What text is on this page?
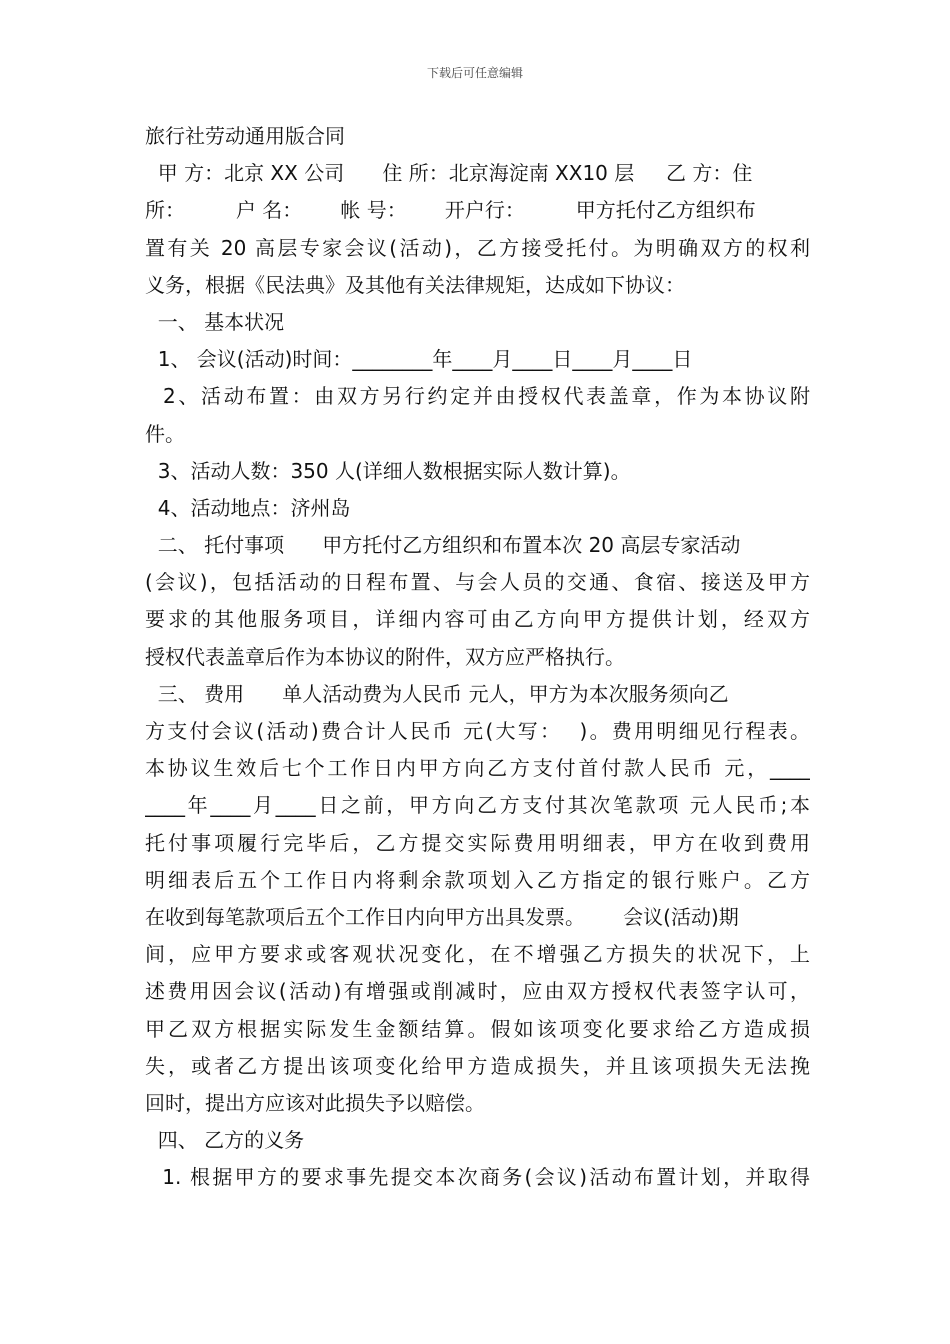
下载后可任意编辑
旅行社劳动通用版合同
甲 方：北京 XX 公司      住 所：北京海淀南 XX10 层     乙 方：住
所：        户 名：      帐 号：      开户行：        甲方托付乙方组织布
置有关 20 高层专家会议(活动)，乙方接受托付。为明确双方的权利
义务，根据《民法典》及其他有关法律规矩，达成如下协议：
一、 基本状况
1、 会议(活动)时间：________年____月____日____月____日
2、活动布置：由双方另行约定并由授权代表盖章，作为本协议附
件。
3、活动人数：350 人(详细人数根据实际人数计算)。
4、活动地点：济州岛
二、 托付事项      甲方托付乙方组织和布置本次 20 高层专家活动
(会议)，包括活动的日程布置、与会人员的交通、食宿、接送及甲方
要求的其他服务项目，详细内容可由乙方向甲方提供计划，经双方
授权代表盖章后作为本协议的附件，双方应严格执行。
三、 费用      单人活动费为人民币 元人，甲方为本次服务须向乙
方支付会议(活动)费合计人民币 元(大写：  )。费用明细见行程表。
本协议生效后七个工作日内甲方向乙方支付首付款人民币 元，____
____年____月____日之前，甲方向乙方支付其次笔款项 元人民币;本
托付事项履行完毕后，乙方提交实际费用明细表，甲方在收到费用
明细表后五个工作日内将剩余款项划入乙方指定的银行账户。乙方
在收到每笔款项后五个工作日内向甲方出具发票。      会议(活动)期
间，应甲方要求或客观状况变化，在不增强乙方损失的状况下，上
述费用因会议(活动)有增强或削减时，应由双方授权代表签字认可，
甲乙双方根据实际发生金额结算。假如该项变化要求给乙方造成损
失，或者乙方提出该项变化给甲方造成损失，并且该项损失无法挽
回时，提出方应该对此损失予以赔偿。
四、 乙方的义务
1. 根据甲方的要求事先提交本次商务(会议)活动布置计划，并取得
